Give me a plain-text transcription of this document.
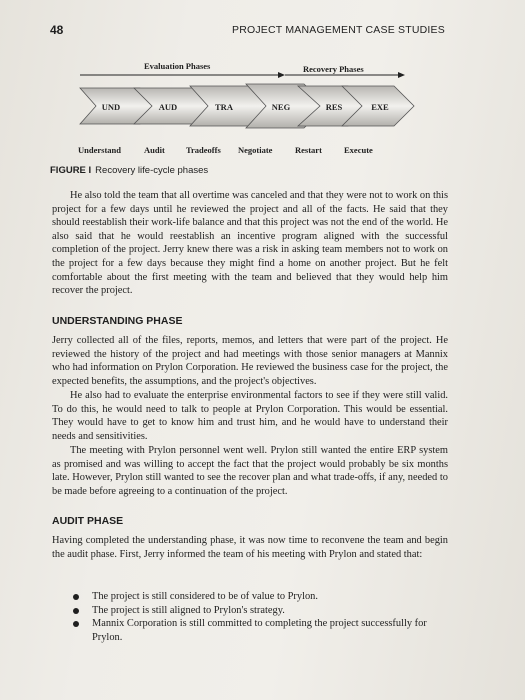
48	PROJECT MANAGEMENT CASE STUDIES
Evaluation Phases	Recovery Phases
UND	AUD	TRA	NEG	RES	EXE
Understand	Audit Tradeoffs Negotiate	Restart	Execute
FIGURE I Recovery life-cycle phases

He also told the team that all overtime was canceled and that they were not to work on this project for a few days until he reviewed the project and all of the facts. He said that they should reestablish their work-life balance and that this project was not the end of the world. He also said that he would reestablish an incentive program aligned with the successful completion of the project. Jerry knew there was a risk in asking team members not to work on the project for a few days because they might find a home on another project. But he felt comfortable about the first meeting with the team and believed that they would help him recover the project.

UNDERSTANDING PHASE

Jerry collected all of the files, reports, memos, and letters that were part of the project. He reviewed the history of the project and had meetings with those senior managers at Mannix who had information on Prylon Corporation. He reviewed the business case for the project, the expected benefits, the assumptions, and the project's objectives.

He also had to evaluate the enterprise environmental factors to see if they were still valid. To do this, he would need to talk to people at Prylon Corporation. This would be essential. They would have to get to know him and trust him, and he would have to understand their needs and sensitivities.

The meeting with Prylon personnel went well. Prylon still wanted the entire ERP system as promised and was willing to accept the fact that the project would probably be six months late. However, Prylon still wanted to see the recover plan and what trade-offs, if any, needed to be made before agreeing to a continuation of the project.

AUDIT PHASE

Having completed the understanding phase, it was now time to reconvene the team and begin the audit phase. First, Jerry informed the team of his meeting with Prylon and stated that:

The project is still considered to be of value to Prylon.
The project is still aligned to Prylon's strategy.
Mannix Corporation is still committed to completing the project successfully for Prylon.
